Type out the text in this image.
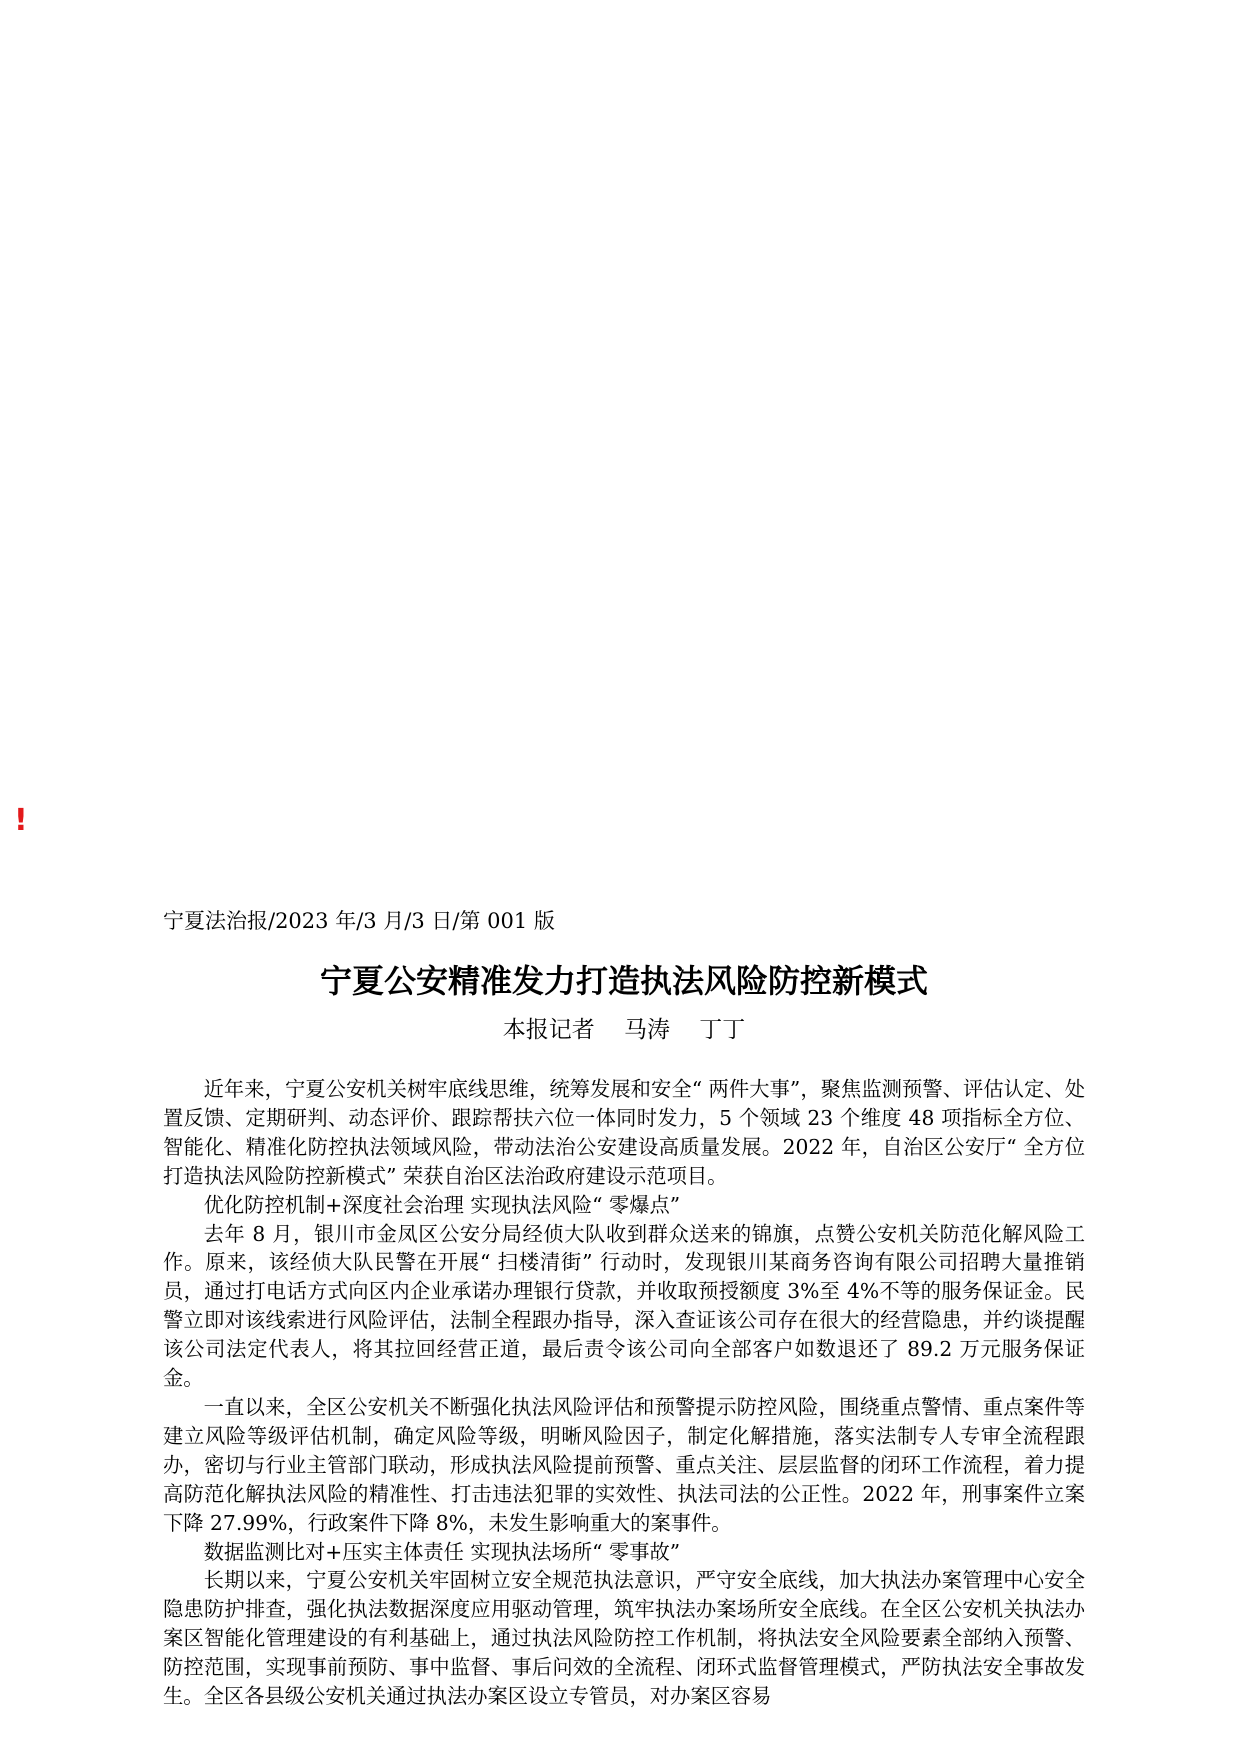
!
宁夏法治报/2023 年/3 月/3 日/第 001 版
宁夏公安精准发力打造执法风险防控新模式
本报记者    马涛    丁丁

近年来，宁夏公安机关树牢底线思维，统筹发展和安全“ 两件大事”，聚焦监测预警、评估认定、处置反馈、定期研判、动态评价、跟踪帮扶六位一体同时发力，5 个领域 23 个维度 48 项指标全方位、智能化、精准化防控执法领域风险，带动法治公安建设高质量发展。2022 年，自治区公安厅“ 全方位打造执法风险防控新模式” 荣获自治区法治政府建设示范项目。

优化防控机制+深度社会治理 实现执法风险“ 零爆点”

去年 8 月，银川市金凤区公安分局经侦大队收到群众送来的锦旗，点赞公安机关防范化解风险工作。原来，该经侦大队民警在开展“ 扫楼清街” 行动时，发现银川某商务咨询有限公司招聘大量推销员，通过打电话方式向区内企业承诺办理银行贷款，并收取预授额度 3%至 4%不等的服务保证金。民警立即对该线索进行风险评估，法制全程跟办指导，深入查证该公司存在很大的经营隐患，并约谈提醒该公司法定代表人，将其拉回经营正道，最后责令该公司向全部客户如数退还了 89.2 万元服务保证金。

一直以来，全区公安机关不断强化执法风险评估和预警提示防控风险，围绕重点警情、重点案件等建立风险等级评估机制，确定风险等级，明晰风险因子，制定化解措施，落实法制专人专审全流程跟办，密切与行业主管部门联动，形成执法风险提前预警、重点关注、层层监督的闭环工作流程，着力提高防范化解执法风险的精准性、打击违法犯罪的实效性、执法司法的公正性。2022 年，刑事案件立案下降 27.99%，行政案件下降 8%，未发生影响重大的案事件。

数据监测比对+压实主体责任 实现执法场所“ 零事故”

长期以来，宁夏公安机关牢固树立安全规范执法意识，严守安全底线，加大执法办案管理中心安全隐患防护排查，强化执法数据深度应用驱动管理，筑牢执法办案场所安全底线。在全区公安机关执法办案区智能化管理建设的有利基础上，通过执法风险防控工作机制，将执法安全风险要素全部纳入预警、防控范围，实现事前预防、事中监督、事后问效的全流程、闭环式监督管理模式，严防执法安全事故发生。全区各县级公安机关通过执法办案区设立专管员，对办案区容易
